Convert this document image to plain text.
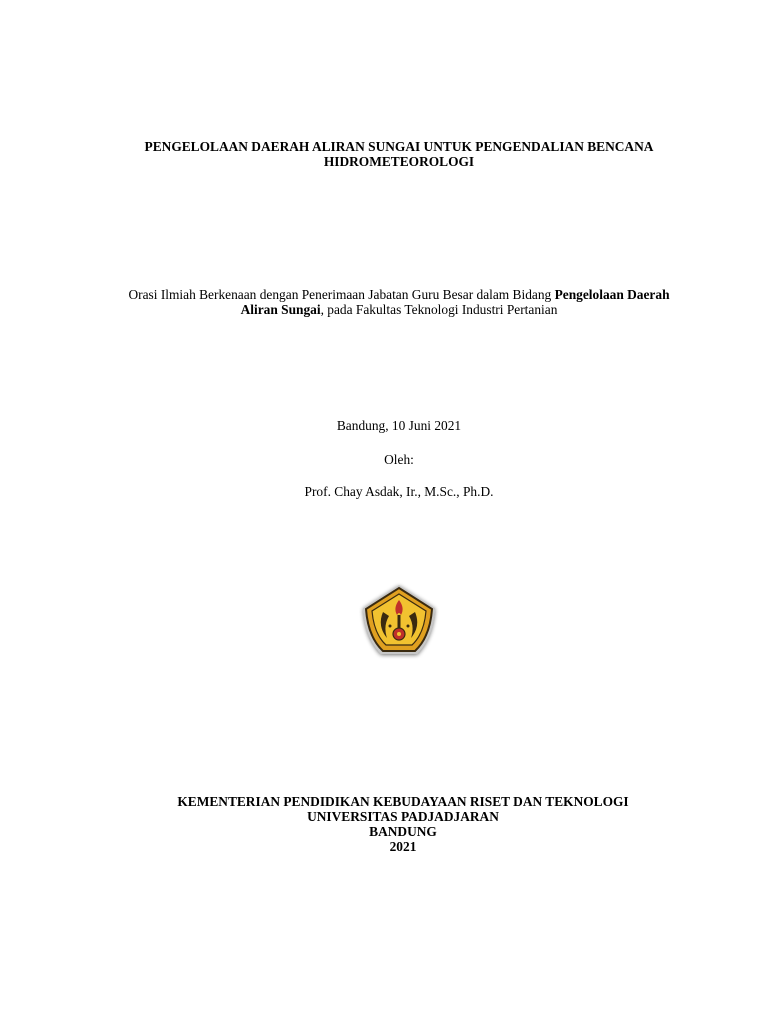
PENGELOLAAN DAERAH ALIRAN SUNGAI UNTUK PENGENDALIAN BENCANA
HIDROMETEOROLOGI
Orasi Ilmiah Berkenaan dengan Penerimaan Jabatan Guru Besar dalam Bidang Pengelolaan Daerah
Aliran Sungai, pada Fakultas Teknologi Industri Pertanian
Bandung, 10 Juni 2021
Oleh:
Prof. Chay Asdak, Ir., M.Sc., Ph.D.
KEMENTERIAN PENDIDIKAN KEBUDAYAAN RISET DAN TEKNOLOGI
UNIVERSITAS PADJADJARAN
BANDUNG
2021
